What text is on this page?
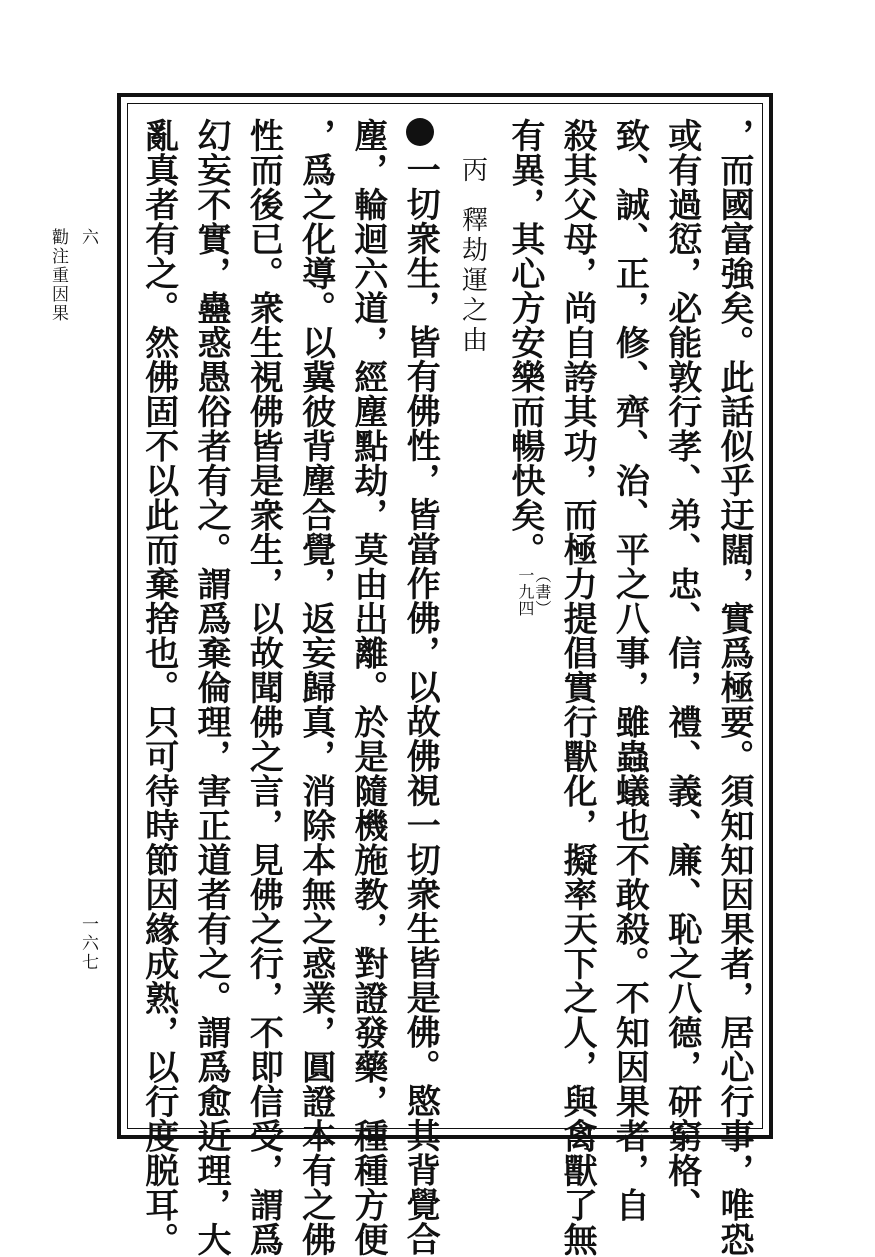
六
勸注重因果
一六七	，而國富強矣。此話似乎迂闊，實爲極要。須知知因果者，居心行事，唯恐
或有過愆，必能敦行孝、弟、忠、信，禮、義、廉、恥之八德，研窮格、
致、誠、正，修、齊、治、平之八事，雖蟲蟻也不敢殺。不知因果者，自
殺其父母，尚自誇其功，而極力提倡實行獸化，擬率天下之人，與禽獸了無
有異，其心方安樂而暢快矣。
（書）
一九四
丙釋劫運之由
一切衆生，皆有佛性，皆當作佛，以故佛視一切衆生皆是佛。愍其背覺合
塵，輪迴六道，經塵點劫，莫由出離。於是隨機施教，對證發藥，種種方便
，爲之化導。以冀彼背塵合覺，返妄歸真，消除本無之惑業，圓證本有之佛
性而後已。衆生視佛皆是衆生，以故聞佛之言，見佛之行，不即信受，謂爲
幻妄不實，蠱惑愚俗者有之。謂爲棄倫理，害正道者有之。謂爲愈近理，大
亂真者有之。然佛固不以此而棄捨也。只可待時節因緣成熟，以行度脱耳。
